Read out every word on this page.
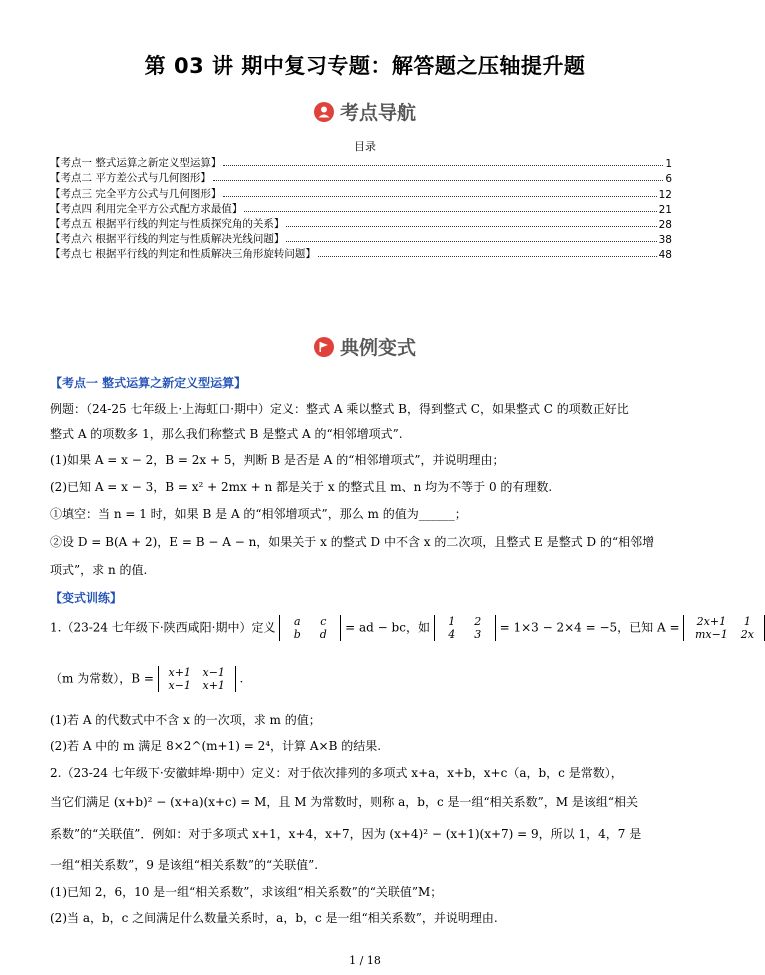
第 03 讲 期中复习专题：解答题之压轴提升题
考点导航
目录
【考点一 整式运算之新定义型运算】	1
【考点二 平方差公式与几何图形】	6
【考点三 完全平方公式与几何图形】	12
【考点四 利用完全平方公式配方求最值】	21
【考点五 根据平行线的判定与性质探究角的关系】	28
【考点六 根据平行线的判定与性质解决光线问题】	38
【考点七 根据平行线的判定和性质解决三角形旋转问题】	48
典例变式
【考点一 整式运算之新定义型运算】
例题：（24-25 七年级上·上海虹口·期中）定义：整式 A 乘以整式 B，得到整式 C，如果整式 C 的项数正好比
整式 A 的项数多 1，那么我们称整式 B 是整式 A 的“相邻增项式”.
(1)如果 A = x − 2，B = 2x + 5，判断 B 是否是 A 的“相邻增项式”，并说明理由；
(2)已知 A = x − 3，B = x² + 2mx + n 都是关于 x 的整式且 m、n 均为不等于 0 的有理数.
①填空：当 n = 1 时，如果 B 是 A 的“相邻增项式”，那么 m 的值为______；
②设 D = B(A + 2)，E = B − A − n，如果关于 x 的整式 D 中不含 x 的二次项，且整式 E 是整式 D 的“相邻增
项式”，求 n 的值.
【变式训练】
1.（23-24 七年级下·陕西咸阳·期中）定义 a c
b d = ad − bc，如 1 2
4 3 = 1×3 − 2×4 = −5，已知 A = 2x+1 1
mx−1 2x
（m 为常数），B = x+1 x−1
x−1 x+1 .
(1)若 A 的代数式中不含 x 的一次项，求 m 的值；
(2)若 A 中的 m 满足 8×2^(m+1) = 2⁴，计算 A×B 的结果.
2.（23-24 七年级下·安徽蚌埠·期中）定义：对于依次排列的多项式 x+a，x+b，x+c（a，b，c 是常数），
当它们满足 (x+b)² − (x+a)(x+c) = M，且 M 为常数时，则称 a，b，c 是一组“相关系数”，M 是该组“相关
系数”的“关联值”．例如：对于多项式 x+1，x+4，x+7，因为 (x+4)² − (x+1)(x+7) = 9，所以 1，4，7 是
一组“相关系数”，9 是该组“相关系数”的“关联值”.
(1)已知 2，6，10 是一组“相关系数”，求该组“相关系数”的“关联值”M；
(2)当 a，b，c 之间满足什么数量关系时，a，b，c 是一组“相关系数”，并说明理由.
1 / 18
